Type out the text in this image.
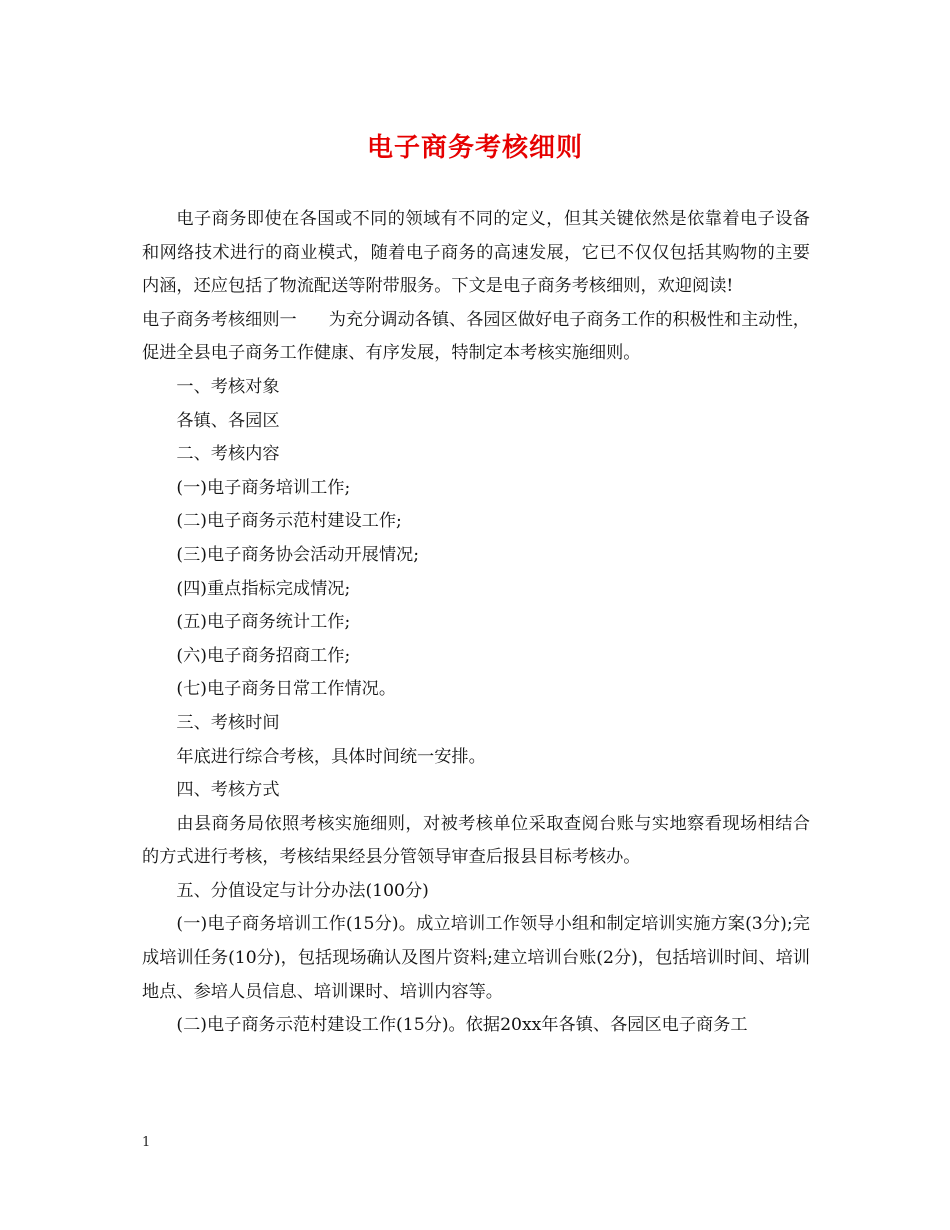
电子商务考核细则

电子商务即使在各国或不同的领域有不同的定义，但其关键依然是依靠着电子设备和网络技术进行的商业模式，随着电子商务的高速发展，它已不仅仅包括其购物的主要内涵，还应包括了物流配送等附带服务。下文是电子商务考核细则，欢迎阅读!

电子商务考核细则一 为充分调动各镇、各园区做好电子商务工作的积极性和主动性，促进全县电子商务工作健康、有序发展，特制定本考核实施细则。

一、考核对象

各镇、各园区

二、考核内容

(一)电子商务培训工作;

(二)电子商务示范村建设工作;

(三)电子商务协会活动开展情况;

(四)重点指标完成情况;

(五)电子商务统计工作;

(六)电子商务招商工作;

(七)电子商务日常工作情况。

三、考核时间

年底进行综合考核，具体时间统一安排。

四、考核方式

由县商务局依照考核实施细则，对被考核单位采取查阅台账与实地察看现场相结合的方式进行考核，考核结果经县分管领导审查后报县目标考核办。

五、分值设定与计分办法(100分)

(一)电子商务培训工作(15分)。成立培训工作领导小组和制定培训实施方案(3分);完成培训任务(10分)，包括现场确认及图片资料;建立培训台账(2分)，包括培训时间、培训地点、参培人员信息、培训课时、培训内容等。

(二)电子商务示范村建设工作(15分)。依据20xx年各镇、各园区电子商务工

1
